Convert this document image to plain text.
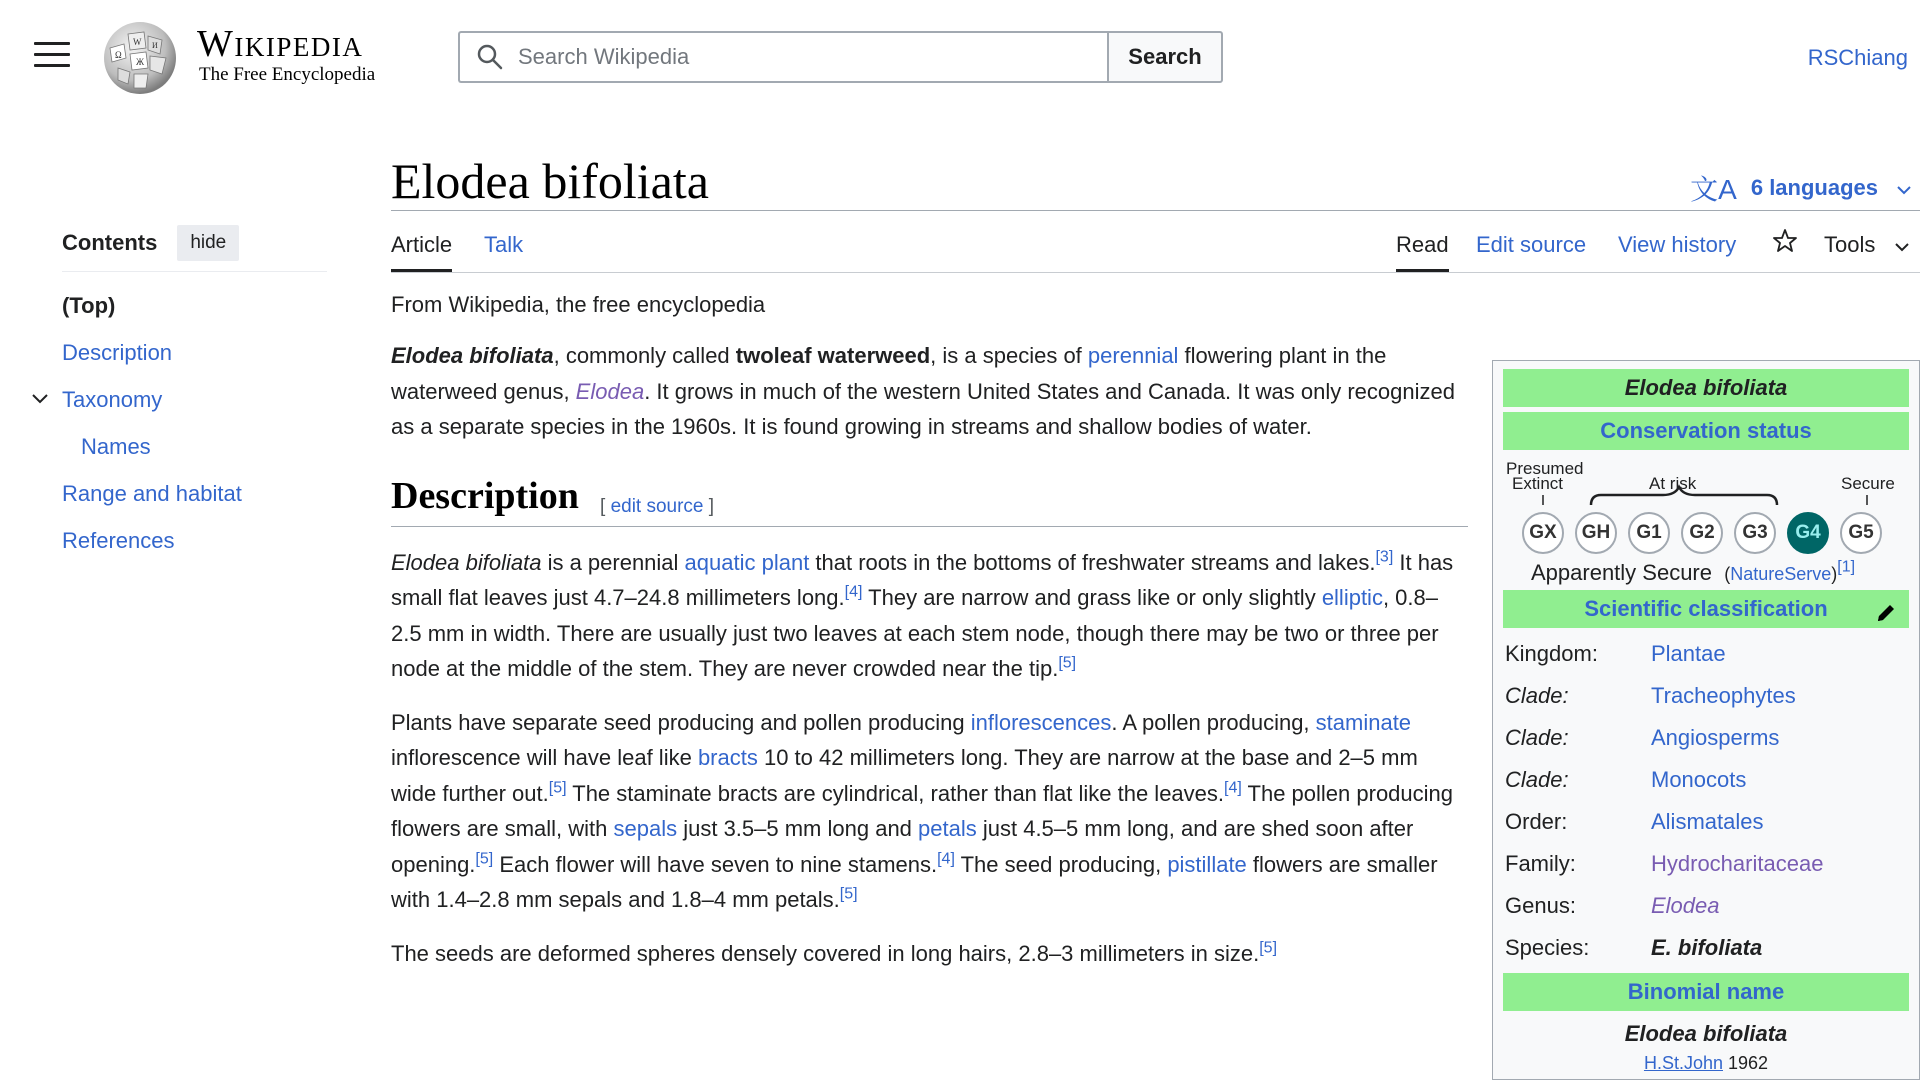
Ω
W И
Ж Wikipedia
The Free Encyclopedia
Search Wikipedia
Search	RSChiang
Elodea bifoliata	文A 6 languages
Article Talk	Read Edit source View history	Tools
Contents	hide
(Top)
Description
Taxonomy
Names
Range and habitat
References
From Wikipedia, the free encyclopedia

Elodea bifoliata, commonly called twoleaf waterweed, is a species of perennial flowering plant in the waterweed genus, Elodea. It grows in much of the western United States and Canada. It was only recognized as a separate species in the 1960s. It is found growing in streams and shallow bodies of water.

Description [ edit source ]

Elodea bifoliata is a perennial aquatic plant that roots in the bottoms of freshwater streams and lakes.[3] It has small flat leaves just 4.7–24.8 millimeters long.[4] They are narrow and grass like or only slightly elliptic, 0.8–2.5 mm in width. There are usually just two leaves at each stem node, though there may be two or three per node at the middle of the stem. They are never crowded near the tip.[5]

Plants have separate seed producing and pollen producing inflorescences. A pollen producing, staminate inflorescence will have leaf like bracts 10 to 42 millimeters long. They are narrow at the base and 2–5 mm wide further out.[5] The staminate bracts are cylindrical, rather than flat like the leaves.[4] The pollen producing flowers are small, with sepals just 3.5–5 mm long and petals just 4.5–5 mm long, and are shed soon after opening.[5] Each flower will have seven to nine stamens.[4] The seed producing, pistillate flowers are smaller with 1.4–2.8 mm sepals and 1.8–4 mm petals.[5]

The seeds are deformed spheres densely covered in long hairs, 2.8–3 millimeters in size.[5]

Elodea bifoliata
Conservation status
Presumed
Extinct	At risk	Secure
GX	GH	G1	G2	G3	G4	G5
Apparently Secure (NatureServe)[1]
Scientific classification
Kingdom:	Plantae
Clade:	Tracheophytes
Clade:	Angiosperms
Clade:	Monocots
Order:	Alismatales
Family:	Hydrocharitaceae
Genus:	Elodea
Species:	E. bifoliata
Binomial name
Elodea bifoliata
H.St.John 1962
